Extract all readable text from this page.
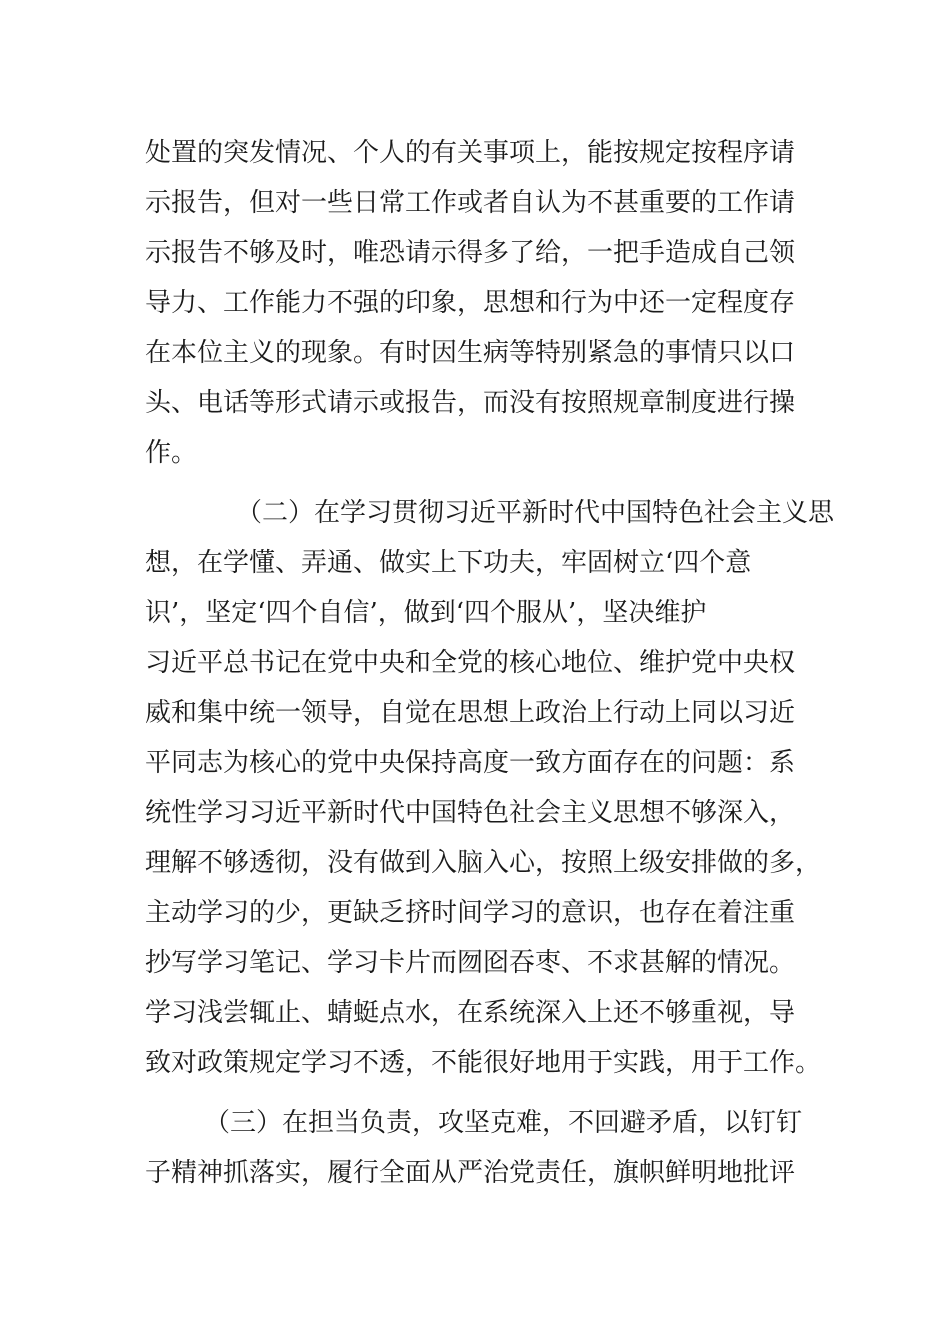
处置的突发情况、个人的有关事项上，能按规定按程序请
示报告，但对一些日常工作或者自认为不甚重要的工作请
示报告不够及时，唯恐请示得多了给，一把手造成自己领
导力、工作能力不强的印象，思想和行为中还一定程度存
在本位主义的现象。有时因生病等特别紧急的事情只以口
头、电话等形式请示或报告，而没有按照规章制度进行操
作。
（二）在学习贯彻习近平新时代中国特色社会主义思
想，在学懂、弄通、做实上下功夫，牢固树立‘四个意
识’，坚定‘四个自信’，做到‘四个服从’，坚决维护
习近平总书记在党中央和全党的核心地位、维护党中央权
威和集中统一领导，自觉在思想上政治上行动上同以习近
平同志为核心的党中央保持高度一致方面存在的问题：系
统性学习习近平新时代中国特色社会主义思想不够深入，
理解不够透彻，没有做到入脑入心，按照上级安排做的多，
主动学习的少，更缺乏挤时间学习的意识，也存在着注重
抄写学习笔记、学习卡片而囫囵吞枣、不求甚解的情况。
学习浅尝辄止、蜻蜓点水，在系统深入上还不够重视，导
致对政策规定学习不透，不能很好地用于实践，用于工作。
（三）在担当负责，攻坚克难，不回避矛盾，以钉钉
子精神抓落实，履行全面从严治党责任，旗帜鲜明地批评
